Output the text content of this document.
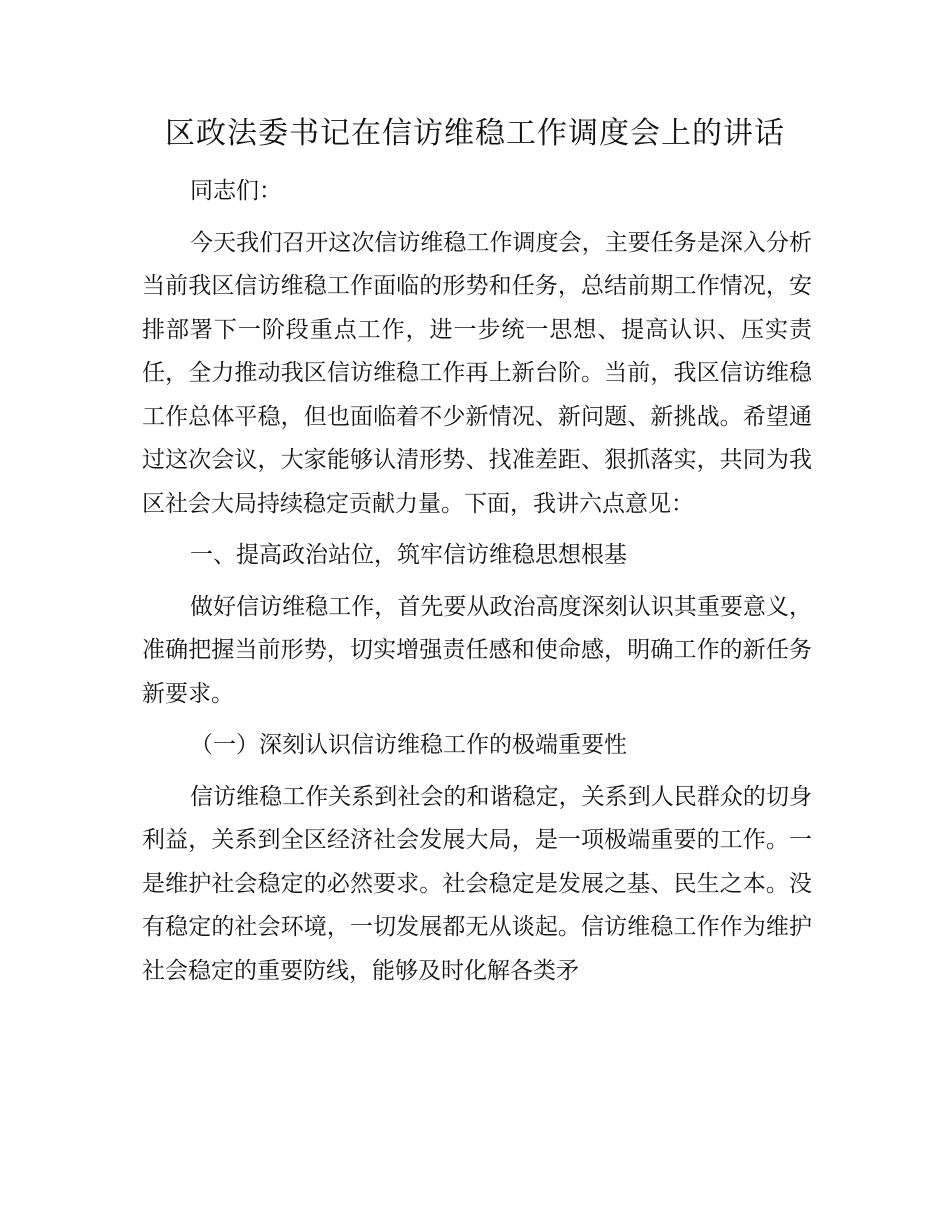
区政法委书记在信访维稳工作调度会上的讲话

同志们：

今天我们召开这次信访维稳工作调度会，主要任务是深入分析当前我区信访维稳工作面临的形势和任务，总结前期工作情况，安排部署下一阶段重点工作，进一步统一思想、提高认识、压实责任，全力推动我区信访维稳工作再上新台阶。当前，我区信访维稳工作总体平稳，但也面临着不少新情况、新问题、新挑战。希望通过这次会议，大家能够认清形势、找准差距、狠抓落实，共同为我区社会大局持续稳定贡献力量。下面，我讲六点意见：

一、提高政治站位，筑牢信访维稳思想根基

做好信访维稳工作，首先要从政治高度深刻认识其重要意义，准确把握当前形势，切实增强责任感和使命感，明确工作的新任务新要求。

（一）深刻认识信访维稳工作的极端重要性

信访维稳工作关系到社会的和谐稳定，关系到人民群众的切身利益，关系到全区经济社会发展大局，是一项极端重要的工作。一是维护社会稳定的必然要求。社会稳定是发展之基、民生之本。没有稳定的社会环境，一切发展都无从谈起。信访维稳工作作为维护社会稳定的重要防线，能够及时化解各类矛
